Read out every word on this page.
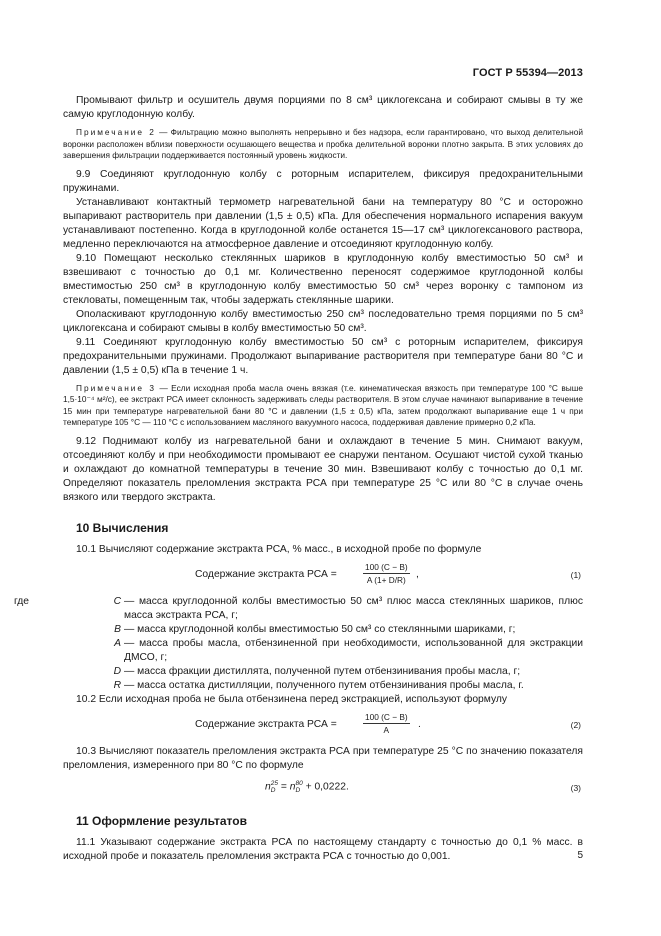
ГОСТ Р 55394—2013

Промывают фильтр и осушитель двумя порциями по 8 см³ циклогексана и собирают смывы в ту же самую круглодонную колбу.

Примечание 2 — Фильтрацию можно выполнять непрерывно и без надзора, если гарантировано, что выход делительной воронки расположен вблизи поверхности осушающего вещества и пробка делительной воронки плотно закрыта. В этих условиях до завершения фильтрации поддерживается постоянный уровень жидкости.

9.9 Соединяют круглодонную колбу с роторным испарителем, фиксируя предохранительными пружинами.

Устанавливают контактный термометр нагревательной бани на температуру 80 °С и осторожно выпаривают растворитель при давлении (1,5 ± 0,5) кПа. Для обеспечения нормального испарения вакуум устанавливают постепенно. Когда в круглодонной колбе останется 15—17 см³ циклогексанового раствора, медленно переключаются на атмосферное давление и отсоединяют круглодонную колбу.

9.10 Помещают несколько стеклянных шариков в круглодонную колбу вместимостью 50 см³ и взвешивают с точностью до 0,1 мг. Количественно переносят содержимое круглодонной колбы вместимостью 250 см³ в круглодонную колбу вместимостью 50 см³ через воронку с тампоном из стекловаты, помещенным так, чтобы задержать стеклянные шарики.

Ополаскивают круглодонную колбу вместимостью 250 см³ последовательно тремя порциями по 5 см³ циклогексана и собирают смывы в колбу вместимостью 50 см³.

9.11 Соединяют круглодонную колбу вместимостью 50 см³ с роторным испарителем, фиксируя предохранительными пружинами. Продолжают выпаривание растворителя при температуре бани 80 °С и давлении (1,5 ± 0,5) кПа в течение 1 ч.

Примечание 3 — Если исходная проба масла очень вязкая (т.е. кинематическая вязкость при температуре 100 °С выше 1,5·10⁻⁴ м²/с), ее экстракт РСА имеет склонность задерживать следы растворителя. В этом случае начинают выпаривание в течение 15 мин при температуре нагревательной бани 80 °С и давлении (1,5 ± 0,5) кПа, затем продолжают выпаривание еще 1 ч при температуре 105 °С — 110 °С с использованием масляного вакуумного насоса, поддерживая давление примерно 0,2 кПа.

9.12 Поднимают колбу из нагревательной бани и охлаждают в течение 5 мин. Снимают вакуум, отсоединяют колбу и при необходимости промывают ее снаружи пентаном. Осушают чистой сухой тканью и охлаждают до комнатной температуры в течение 30 мин. Взвешивают колбу с точностью до 0,1 мг. Определяют показатель преломления экстракта РСА при температуре 25 °С или 80 °С в случае очень вязкого или твердого экстракта.

10 Вычисления

10.1 Вычисляют содержание экстракта РСА, % масс., в исходной пробе по формуле

Содержание экстракта РСА =	$\frac{100 (C - B)}{A (1+ D/R)}$ ,	(1)
где	C — масса круглодонной колбы вместимостью 50 см³ плюс масса стеклянных шариков, плюс масса экстракта РСА, г;
B — масса круглодонной колбы вместимостью 50 см³ со стеклянными шариками, г;
A — масса пробы масла, отбензиненной при необходимости, использованной для экстракции ДМСО, г;
D — масса фракции дистиллята, полученной путем отбензинивания пробы масла, г;
R — масса остатка дистилляции, полученного путем отбензинивания пробы масла, г.

10.2 Если исходная проба не была отбензинена перед экстракцией, используют формулу

Содержание экстракта РСА =	$\frac{100 (C - B)}{A}$ .	(2)

10.3 Вычисляют показатель преломления экстракта РСА при температуре 25 °С по значению показателя преломления, измеренного при 80 °С по формуле

n 25
D = n 80
D + 0,0222.	(3)
11 Оформление результатов

11.1 Указывают содержание экстракта РСА по настоящему стандарту с точностью до 0,1 % масс. в исходной пробе и показатель преломления экстракта РСА с точностью до 0,001.	5
